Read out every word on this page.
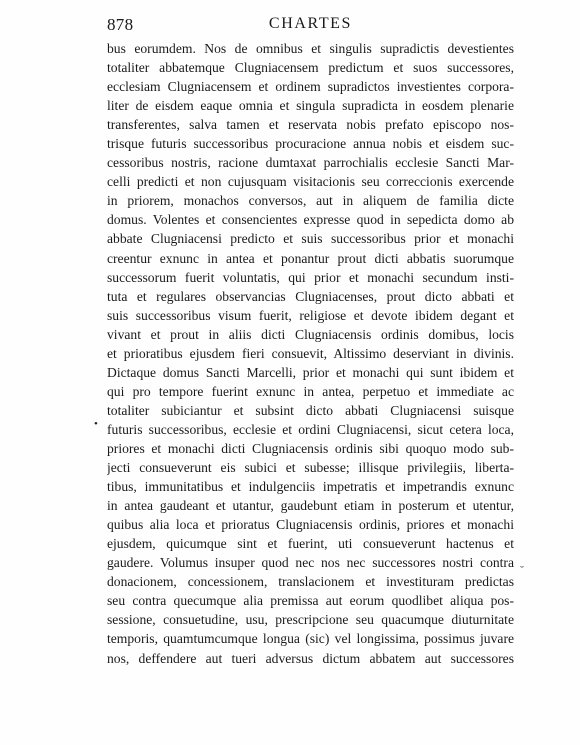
878	CHARTES
bus eorumdem. Nos de omnibus et singulis supradictis devestientes
totaliter abbatemque Clugniacensem predictum et suos successores,
ecclesiam Clugniacensem et ordinem supradictos investientes corpora-
liter de eisdem eaque omnia et singula supradicta in eosdem plenarie
transferentes, salva tamen et reservata nobis prefato episcopo nos-
trisque futuris successoribus procuracione annua nobis et eisdem suc-
cessoribus nostris, racione dumtaxat parrochialis ecclesie Sancti Mar-
celli predicti et non cujusquam visitacionis seu correccionis exercende
in priorem, monachos conversos, aut in aliquem de familia dicte
domus. Volentes et consencientes expresse quod in sepedicta domo ab
abbate Clugniacensi predicto et suis successoribus prior et monachi
creentur exnunc in antea et ponantur prout dicti abbatis suorumque
successorum fuerit voluntatis, qui prior et monachi secundum insti-
tuta et regulares observancias Clugniacenses, prout dicto abbati et
suis successoribus visum fuerit, religiose et devote ibidem degant et
vivant et prout in aliis dicti Clugniacensis ordinis domibus, locis
et prioratibus ejusdem fieri consuevit, Altissimo deserviant in divinis.
Dictaque domus Sancti Marcelli, prior et monachi qui sunt ibidem et
qui pro tempore fuerint exnunc in antea, perpetuo et immediate ac
totaliter subiciantur et subsint dicto abbati Clugniacensi suisque
futuris successoribus, ecclesie et ordini Clugniacensi, sicut cetera loca,
priores et monachi dicti Clugniacensis ordinis sibi quoquo modo sub-
jecti consueverunt eis subici et subesse; illisque privilegiis, liberta-
tibus, immunitatibus et indulgenciis impetratis et impetrandis exnunc
in antea gaudeant et utantur, gaudebunt etiam in posterum et utentur,
quibus alia loca et prioratus Clugniacensis ordinis, priores et monachi
ejusdem, quicumque sint et fuerint, uti consueverunt hactenus et
gaudere. Volumus insuper quod nec nos nec successores nostri contra
donacionem, concessionem, translacionem et investituram predictas
seu contra quecumque alia premissa aut eorum quodlibet aliqua pos-
sessione, consuetudine, usu, prescripcione seu quacumque diuturnitate
temporis, quamtumcumque longua (sic) vel longissima, possimus juvare
nos, deffendere aut tueri adversus dictum abbatem aut successores
•
˘
